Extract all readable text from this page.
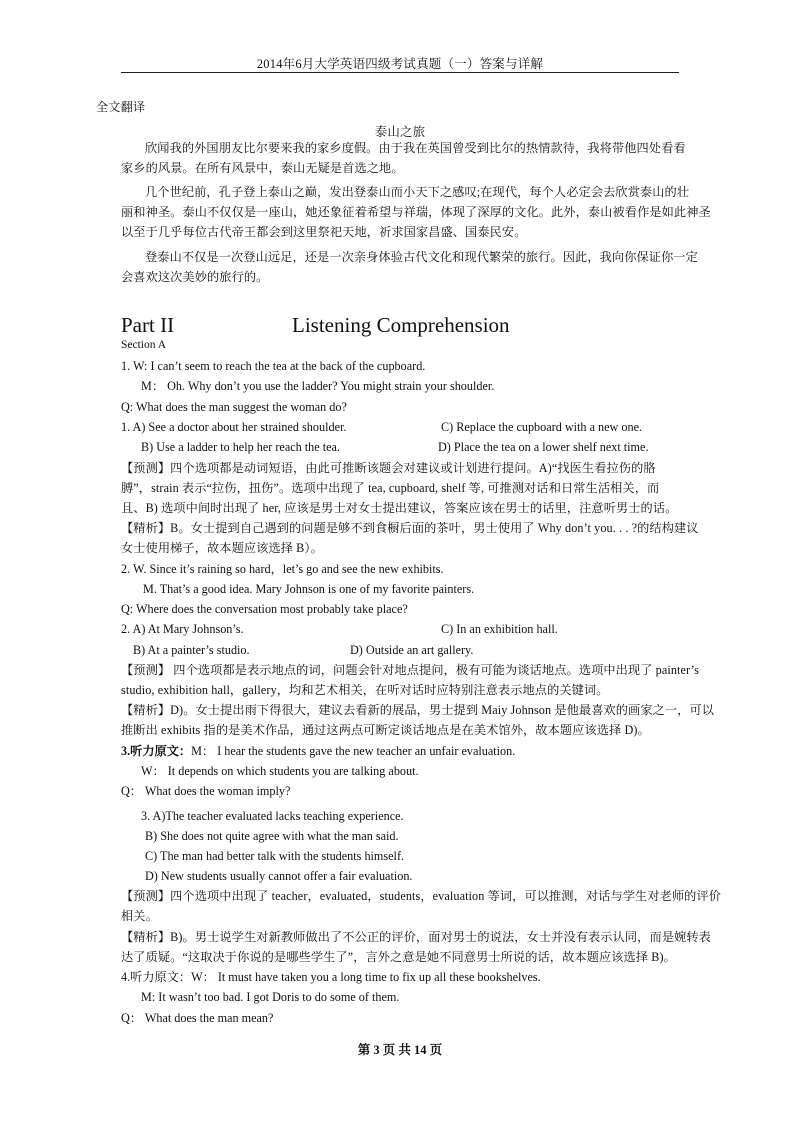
2014年6月大学英语四级考试真题（一）答案与详解
全文翻译
泰山之旅
欣闻我的外国朋友比尔要来我的家乡度假。由于我在英国曾受到比尔的热情款待，我将带他四处看看
家乡的风景。在所有风景中，泰山无疑是首选之地。
几个世纪前，孔子登上泰山之巅，发出登泰山而小天下之感叹;在现代，每个人必定会去欣赏泰山的壮
丽和神圣。泰山不仅仅是一座山，她还象征着希望与祥瑞，体现了深厚的文化。此外，泰山被看作是如此神圣
以至于几乎每位古代帝王都会到这里祭祀天地，祈求国家昌盛、国泰民安。
登泰山不仅是一次登山远足，还是一次亲身体验古代文化和现代繁荣的旅行。因此，我向你保证你一定
会喜欢这次美妙的旅行的。
Part II	Listening Comprehension
Section A
1. W: I can’t seem to reach the tea at the back of the cupboard.
M： Oh. Why don’t you use the ladder? You might strain your shoulder.
Q: What does the man suggest the woman do?
1. A) See a doctor about her strained shoulder.	C) Replace the cupboard with a new one.
B) Use a ladder to help her reach the tea.	D) Place the tea on a lower shelf next time.
【预测】四个选项都是动词短语，由此可推断该题会对建议或计划进行提问。A)“找医生看拉伤的胳
膊”，strain 表示“拉伤，扭伤”。选项中出现了 tea, cupboard, shelf 等, 可推测对话和日常生活相关，而
且、B) 选项中间时出现了 her, 应该是男士对女士提出建议，答案应该在男士的话里，注意听男士的话。
【精析】B。女士提到自己遇到的问题是够不到食橱后面的茶叶，男士使用了 Why don’t you. . . ?的结构建议
女士使用梯子，故本题应该选择 B）。
2. W. Since it’s raining so hard，let’s go and see the new exhibits.
M. That’s a good idea. Mary Johnson is one of my favorite painters.
Q: Where does the conversation most probably take place?
2. A) At Mary Johnson’s.	C) In an exhibition hall.
B) At a painter’s studio.	D) Outside an art gallery.
【预测】 四个选项都是表示地点的词，问题会针对地点提问，极有可能为谈话地点。选项中出现了 painter’s
studio, exhibition hall，gallery，均和艺术相关，在听对话时应特别注意表示地点的关键词。
【精析】D)。女士提出雨下得很大，建议去看新的展品，男士提到 Maiy Johnson 是他最喜欢的画家之一，可以
推断出 exhibits 指的是美术作品，通过这两点可断定谈话地点是在美术馆外，故本题应该选择 D)。
3.听力原文：M： I hear the students gave the new teacher an unfair evaluation.
W： It depends on which students you are talking about.
Q： What does the woman imply?
3. A)The teacher evaluated lacks teaching experience.
B) She does not quite agree with what the man said.
C) The man had better talk with the students himself.
D) New students usually cannot offer a fair evaluation.
【预测】四个选项中出现了 teacher，evaluated，students，evaluation 等词，可以推测，对话与学生对老师的评价
相关。
【精析】B)。男士说学生对新教师做出了不公正的评价，面对男士的说法，女士并没有表示认同，而是婉转表
达了质疑。“这取决于你说的是哪些学生了”，言外之意是她不同意男士所说的话，故本题应该选择 B)。
4.听力原文：W： It must have taken you a long time to fix up all these bookshelves.
M: It wasn’t too bad. I got Doris to do some of them.
Q： What does the man mean?
第 3 页 共 14 页
